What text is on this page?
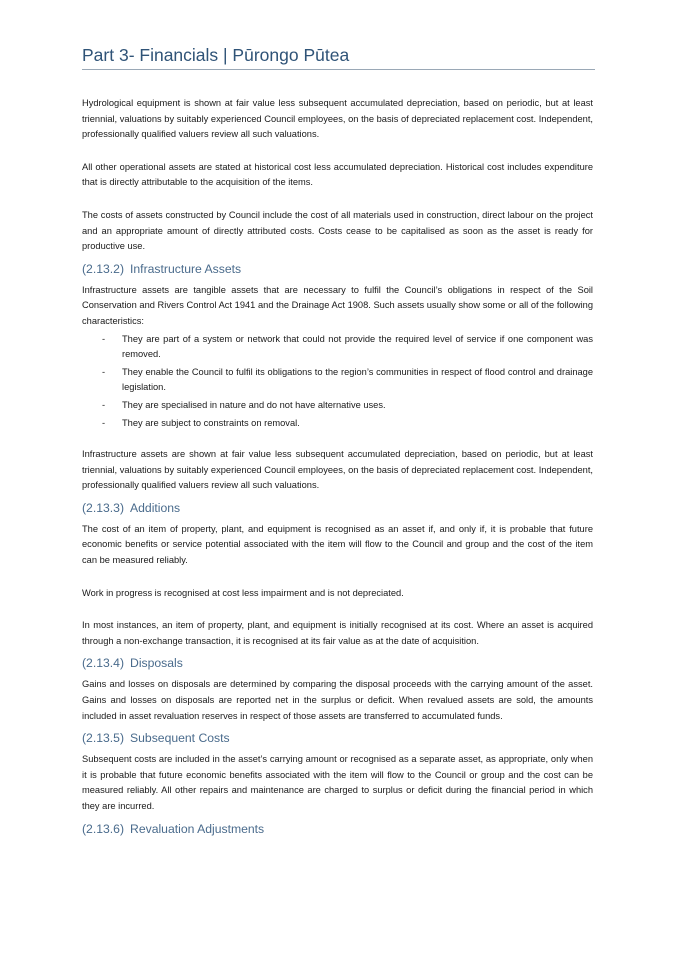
Part 3- Financials | Pūrongo Pūtea

Hydrological equipment is shown at fair value less subsequent accumulated depreciation, based on periodic, but at least triennial, valuations by suitably experienced Council employees, on the basis of depreciated replacement cost. Independent, professionally qualified valuers review all such valuations.

All other operational assets are stated at historical cost less accumulated depreciation. Historical cost includes expenditure that is directly attributable to the acquisition of the items.

The costs of assets constructed by Council include the cost of all materials used in construction, direct labour on the project and an appropriate amount of directly attributed costs. Costs cease to be capitalised as soon as the asset is ready for productive use.

(2.13.2) Infrastructure Assets

Infrastructure assets are tangible assets that are necessary to fulfil the Council’s obligations in respect of the Soil Conservation and Rivers Control Act 1941 and the Drainage Act 1908. Such assets usually show some or all of the following characteristics:

- They are part of a system or network that could not provide the required level of service if one component was removed.
- They enable the Council to fulfil its obligations to the region’s communities in respect of flood control and drainage legislation.
- They are specialised in nature and do not have alternative uses.
- They are subject to constraints on removal.

Infrastructure assets are shown at fair value less subsequent accumulated depreciation, based on periodic, but at least triennial, valuations by suitably experienced Council employees, on the basis of depreciated replacement cost. Independent, professionally qualified valuers review all such valuations.

(2.13.3) Additions

The cost of an item of property, plant, and equipment is recognised as an asset if, and only if, it is probable that future economic benefits or service potential associated with the item will flow to the Council and group and the cost of the item can be measured reliably.

Work in progress is recognised at cost less impairment and is not depreciated.

In most instances, an item of property, plant, and equipment is initially recognised at its cost. Where an asset is acquired through a non-exchange transaction, it is recognised at its fair value as at the date of acquisition.

(2.13.4) Disposals

Gains and losses on disposals are determined by comparing the disposal proceeds with the carrying amount of the asset. Gains and losses on disposals are reported net in the surplus or deficit. When revalued assets are sold, the amounts included in asset revaluation reserves in respect of those assets are transferred to accumulated funds.

(2.13.5) Subsequent Costs

Subsequent costs are included in the asset’s carrying amount or recognised as a separate asset, as appropriate, only when it is probable that future economic benefits associated with the item will flow to the Council or group and the cost can be measured reliably. All other repairs and maintenance are charged to surplus or deficit during the financial period in which they are incurred.

(2.13.6) Revaluation Adjustments
